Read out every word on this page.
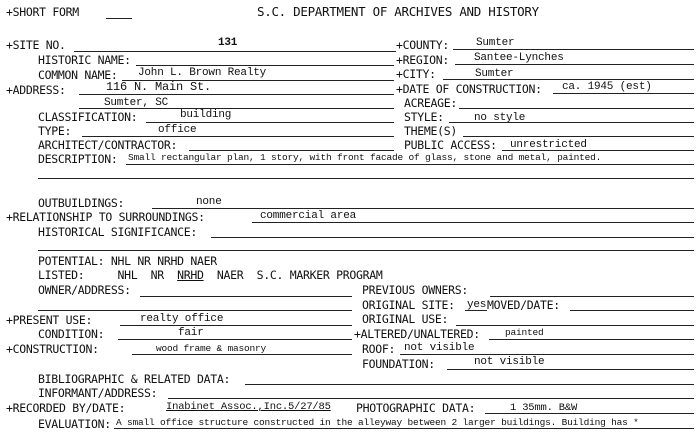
+SHORT FORM	S.C. DEPARTMENT OF ARCHIVES AND HISTORY
+SITE NO.	131	+COUNTY: Sumter
HISTORIC NAME:	+REGION: Santee-Lynches
COMMON NAME: John L. Brown Realty	+CITY:	Sumter
+ADDRESS:	116 N. Main St.	+DATE OF CONSTRUCTION: ca. 1945 (est)
Sumter, SC	ACREAGE:
CLASSIFICATION:	building	STYLE:	no style
TYPE:	office	THEME(S)
ARCHITECT/CONTRACTOR:	PUBLIC ACCESS: unrestricted
DESCRIPTION: Small rectangular plan, 1 story, with front facade of glass, stone and metal, painted.
OUTBUILDINGS:	none
+RELATIONSHIP TO SURROUNDINGS:	commercial area
HISTORICAL SIGNIFICANCE:
POTENTIAL: NHL NR NRHD NAER
LISTED:     NHL  NR  NRHD  NAER  S.C. MARKER PROGRAM
OWNER/ADDRESS:	PREVIOUS OWNERS:
ORIGINAL SITE: yes MOVED/DATE:
+PRESENT USE:	realty office	ORIGINAL USE:
CONDITION:	fair	+ALTERED/UNALTERED:	painted
+CONSTRUCTION:	wood frame & masonry	ROOF: not visible
FOUNDATION:	not visible
BIBLIOGRAPHIC & RELATED DATA:
INFORMANT/ADDRESS:
+RECORDED BY/DATE:	Inabinet Assoc.,Inc.5/27/85 PHOTOGRAPHIC DATA:	1 35mm. B&W
EVALUATION: A small office structure constructed in the alleyway between 2 larger buildings. Building has *
